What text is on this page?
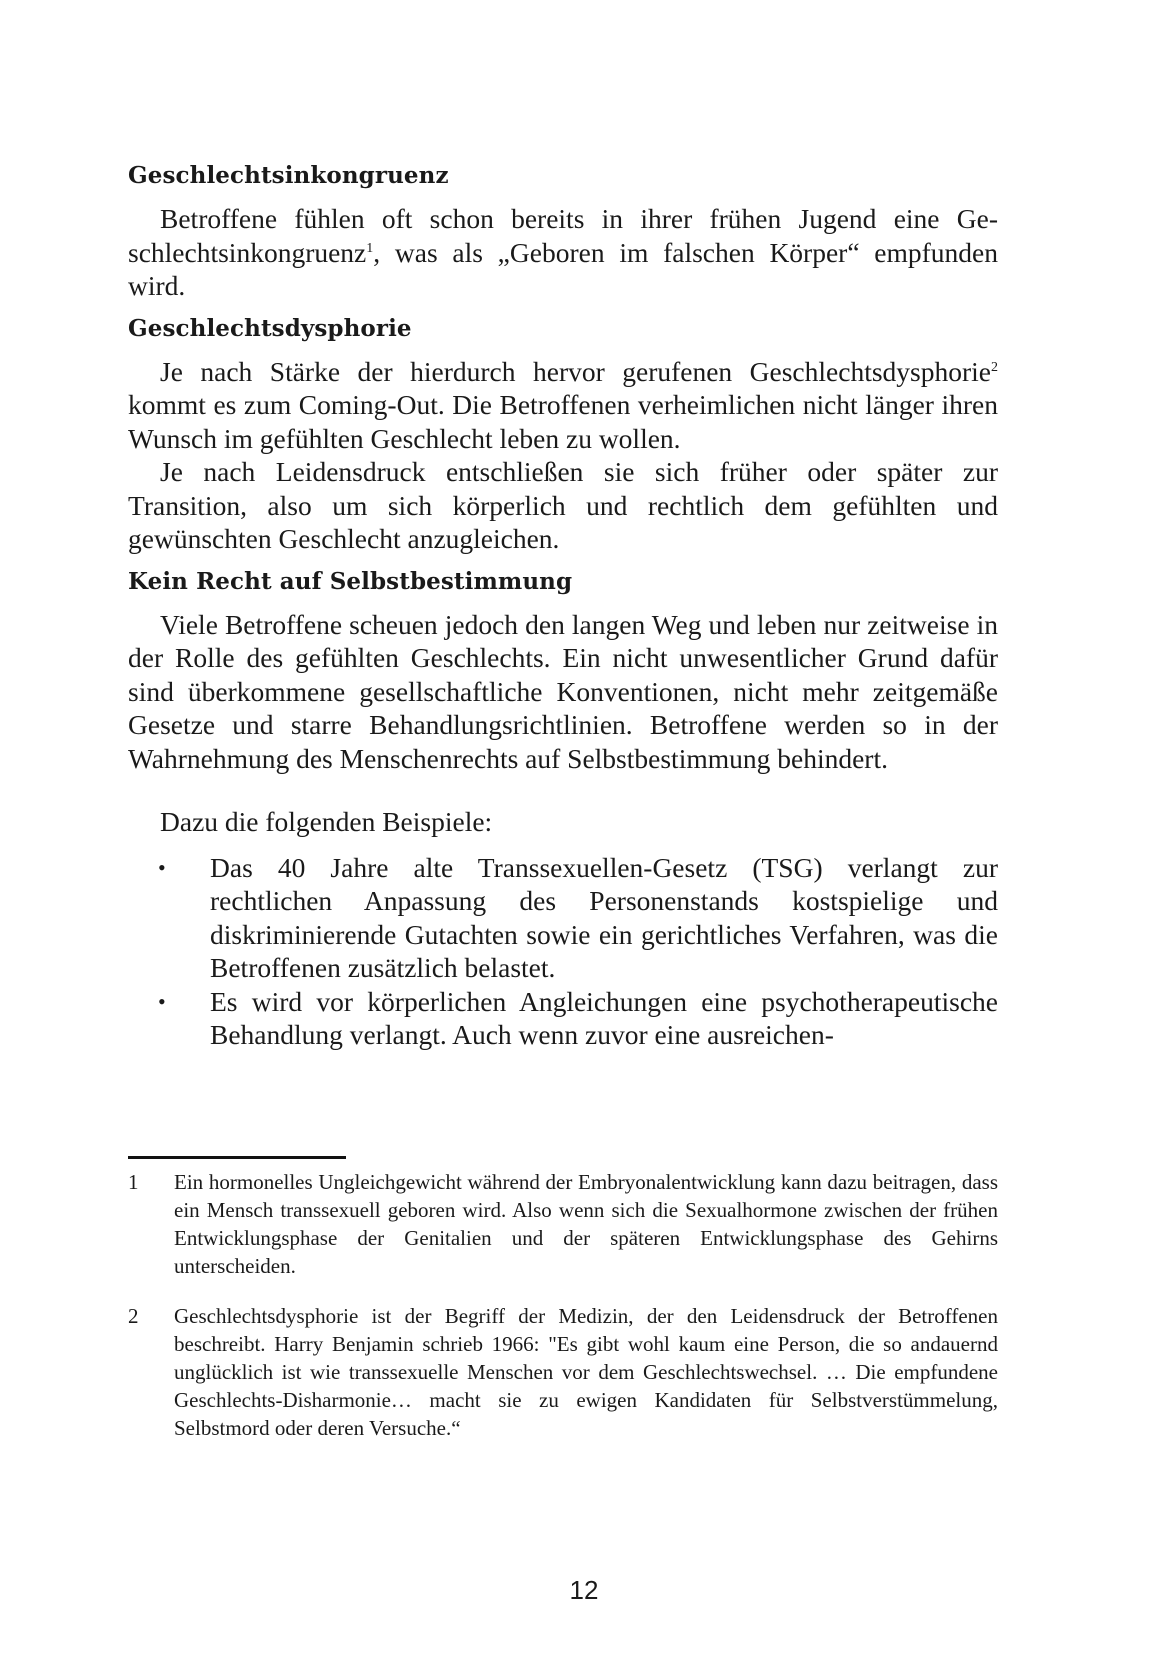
Geschlechtsinkongruenz

Betroffene fühlen oft schon bereits in ihrer frühen Jugend eine Geschlechtsinkongruenz$^1$, was als „Geboren im falschen Körper“ empfunden wird.

Geschlechtsdysphorie

Je nach Stärke der hierdurch hervor gerufenen Geschlechtsdysphorie$^2$ kommt es zum Coming-Out. Die Betroffenen verheimlichen nicht länger ihren Wunsch im gefühlten Geschlecht leben zu wollen.

Je nach Leidensdruck entschließen sie sich früher oder später zur Transition, also um sich körperlich und rechtlich dem gefühlten und gewünschten Geschlecht anzugleichen.

Kein Recht auf Selbstbestimmung

Viele Betroffene scheuen jedoch den langen Weg und leben nur zeitweise in der Rolle des gefühlten Geschlechts. Ein nicht unwesentlicher Grund dafür sind überkommene gesellschaftliche Konventionen, nicht mehr zeitgemäße Gesetze und starre Behandlungsrichtlinien. Betroffene werden so in der Wahrnehmung des Menschenrechts auf Selbstbestimmung behindert.

Dazu die folgenden Beispiele:

• Das 40 Jahre alte Transsexuellen-Gesetz (TSG) verlangt zur rechtlichen Anpassung des Personenstands kostspielige und diskriminierende Gutachten sowie ein gerichtliches Verfahren, was die Betroffenen zusätzlich belastet.
• Es wird vor körperlichen Angleichungen eine psychotherapeutische Behandlung verlangt. Auch wenn zuvor eine ausreichen-
1	Ein hormonelles Ungleichgewicht während der Embryonalentwicklung kann dazu beitragen, dass ein Mensch transsexuell geboren wird. Also wenn sich die Sexualhormone zwischen der frühen Entwicklungsphase der Genitalien und der späteren Entwicklungsphase des Gehirns unterscheiden.
2	Geschlechtsdysphorie ist der Begriff der Medizin, der den Leidensdruck der Betroffenen beschreibt. Harry Benjamin schrieb 1966: "Es gibt wohl kaum eine Person, die so andauernd unglücklich ist wie transsexuelle Menschen vor dem Geschlechtswechsel. … Die empfundene Geschlechts-Disharmonie… macht sie zu ewigen Kandidaten für Selbstverstümmelung, Selbstmord oder deren Versuche.“
12
